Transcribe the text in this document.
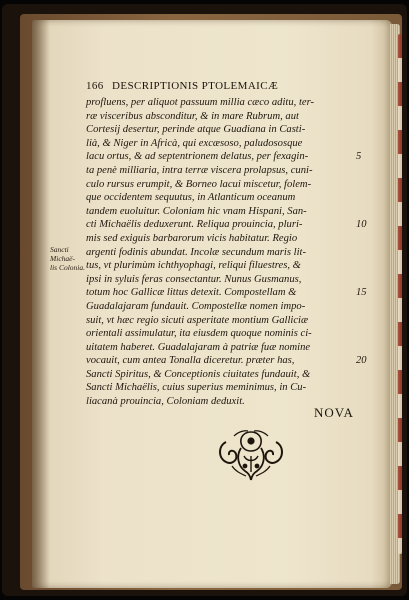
166 DESCRIPTIONIS PTOLEMAICÆ
Sancti Michaë-
lis Colonia.
profluens, per aliquot passuum millia cæco aditu, ter-
ræ visceribus absconditur, & in mare Rubrum, aut
Cortesij desertur, perinde atque Guadiana in Casti-
lià, & Niger in Africà, qui excæsoso, paludososque
lacu ortus, & ad septentrionem delatus, per fexagin-
ta penè milliaria, intra terræ viscera prolapsus, cuni-
culo rursus erumpit, & Borneo lacui miscetur, folem-
que occidentem sequutus, in Atlanticum oceanum
tandem euoluitur. Coloniam hic vnam Hispani, San-
cti Michaëlis deduxerunt. Reliqua prouincia, pluri-
mis sed exiguis barbarorum vicis habitatur. Regio
argenti fodinis abundat. Incolæ secundum maris lit-
tus, vt plurimùm ichthyophagi, reliqui filuestres, &
ipsi in syluis feras consectantur. Nunus Gusmanus,
totum hoc Gallicæ littus detexit. Compostellam &
Guadalajaram fundauit. Compostellæ nomen impo-
suit, vt hæc regio sicuti asperitate montium Galliciæ
orientali assimulatur, ita eiusdem quoque nominis ci-
uitatem haberet. Guadalajaram à patriæ fuæ nomine
vocauit, cum antea Tonalla diceretur. præter has,
Sancti Spiritus, & Conceptionis ciuitates fundauit, &
Sancti Michaëlis, cuius superius meminimus, in Cu-
liacanà prouincia, Coloniam deduxit.
5
10
15
20
NOVA
